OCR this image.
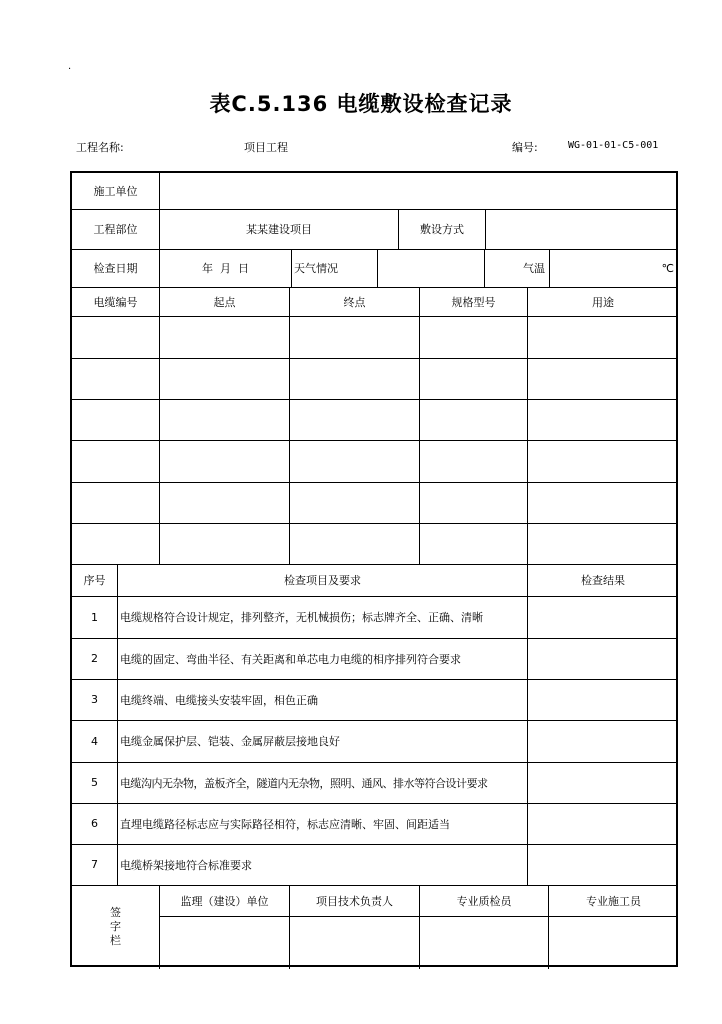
·
表C.5.136 电缆敷设检查记录
工程名称:	项目工程	编号:	WG-01-01-C5-001
施工单位
工程部位	某某建设项目	敷设方式
检查日期	年  月  日	天气情况	气温	℃
电缆编号	起点	终点	规格型号	用途
序号	检查项目及要求	检查结果
1	电缆规格符合设计规定，排列整齐，无机械损伤；标志牌齐全、正确、清晰
2	电缆的固定、弯曲半径、有关距离和单芯电力电缆的相序排列符合要求
3	电缆终端、电缆接头安装牢固，相色正确
4	电缆金属保护层、铠装、金属屏蔽层接地良好
5	电缆沟内无杂物，盖板齐全，隧道内无杂物，照明、通风、排水等符合设计要求
6	直埋电缆路径标志应与实际路径相符，标志应清晰、牢固、间距适当
7	电缆桥架接地符合标准要求
签
字
栏
监理（建设）单位	项目技术负责人	专业质检员	专业施工员
